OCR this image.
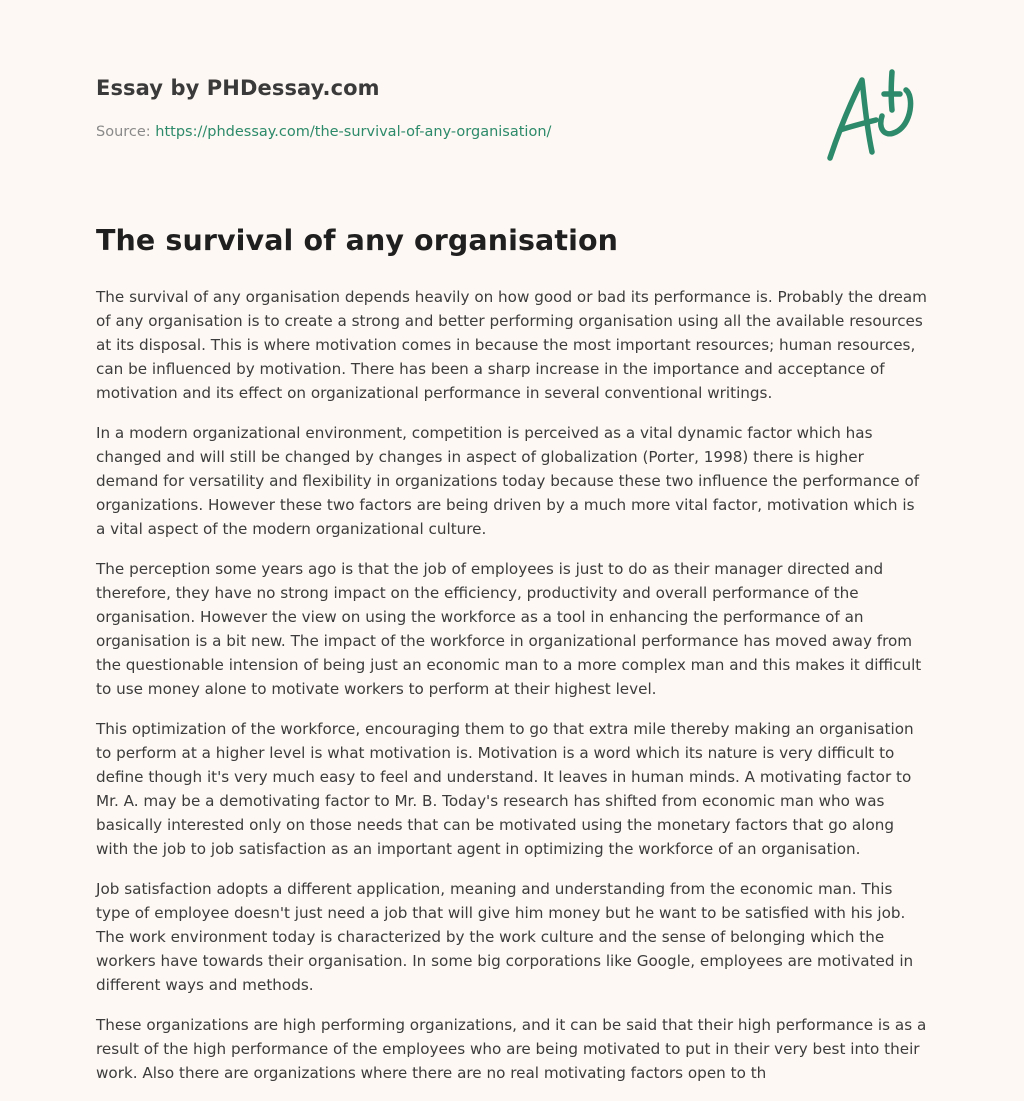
Essay by PHDessay.com
Source: https://phdessay.com/the-survival-of-any-organisation/
The survival of any organisation

The survival of any organisation depends heavily on how good or bad its performance is. Probably the dream of any organisation is to create a strong and better performing organisation using all the available resources at its disposal. This is where motivation comes in because the most important resources; human resources, can be influenced by motivation. There has been a sharp increase in the importance and acceptance of motivation and its effect on organizational performance in several conventional writings.

In a modern organizational environment, competition is perceived as a vital dynamic factor which has changed and will still be changed by changes in aspect of globalization (Porter, 1998) there is higher demand for versatility and flexibility in organizations today because these two influence the performance of organizations. However these two factors are being driven by a much more vital factor, motivation which is a vital aspect of the modern organizational culture.

The perception some years ago is that the job of employees is just to do as their manager directed and therefore, they have no strong impact on the efficiency, productivity and overall performance of the organisation. However the view on using the workforce as a tool in enhancing the performance of an organisation is a bit new. The impact of the workforce in organizational performance has moved away from the questionable intension of being just an economic man to a more complex man and this makes it difficult to use money alone to motivate workers to perform at their highest level.

This optimization of the workforce, encouraging them to go that extra mile thereby making an organisation to perform at a higher level is what motivation is. Motivation is a word which its nature is very difficult to define though it's very much easy to feel and understand. It leaves in human minds. A motivating factor to Mr. A. may be a demotivating factor to Mr. B. Today's research has shifted from economic man who was basically interested only on those needs that can be motivated using the monetary factors that go along with the job to job satisfaction as an important agent in optimizing the workforce of an organisation.

Job satisfaction adopts a different application, meaning and understanding from the economic man. This type of employee doesn't just need a job that will give him money but he want to be satisfied with his job. The work environment today is characterized by the work culture and the sense of belonging which the workers have towards their organisation. In some big corporations like Google, employees are motivated in different ways and methods.

These organizations are high performing organizations, and it can be said that their high performance is as a result of the high performance of the employees who are being motivated to put in their very best into their work. Also there are organizations where there are no real motivating factors open to th
